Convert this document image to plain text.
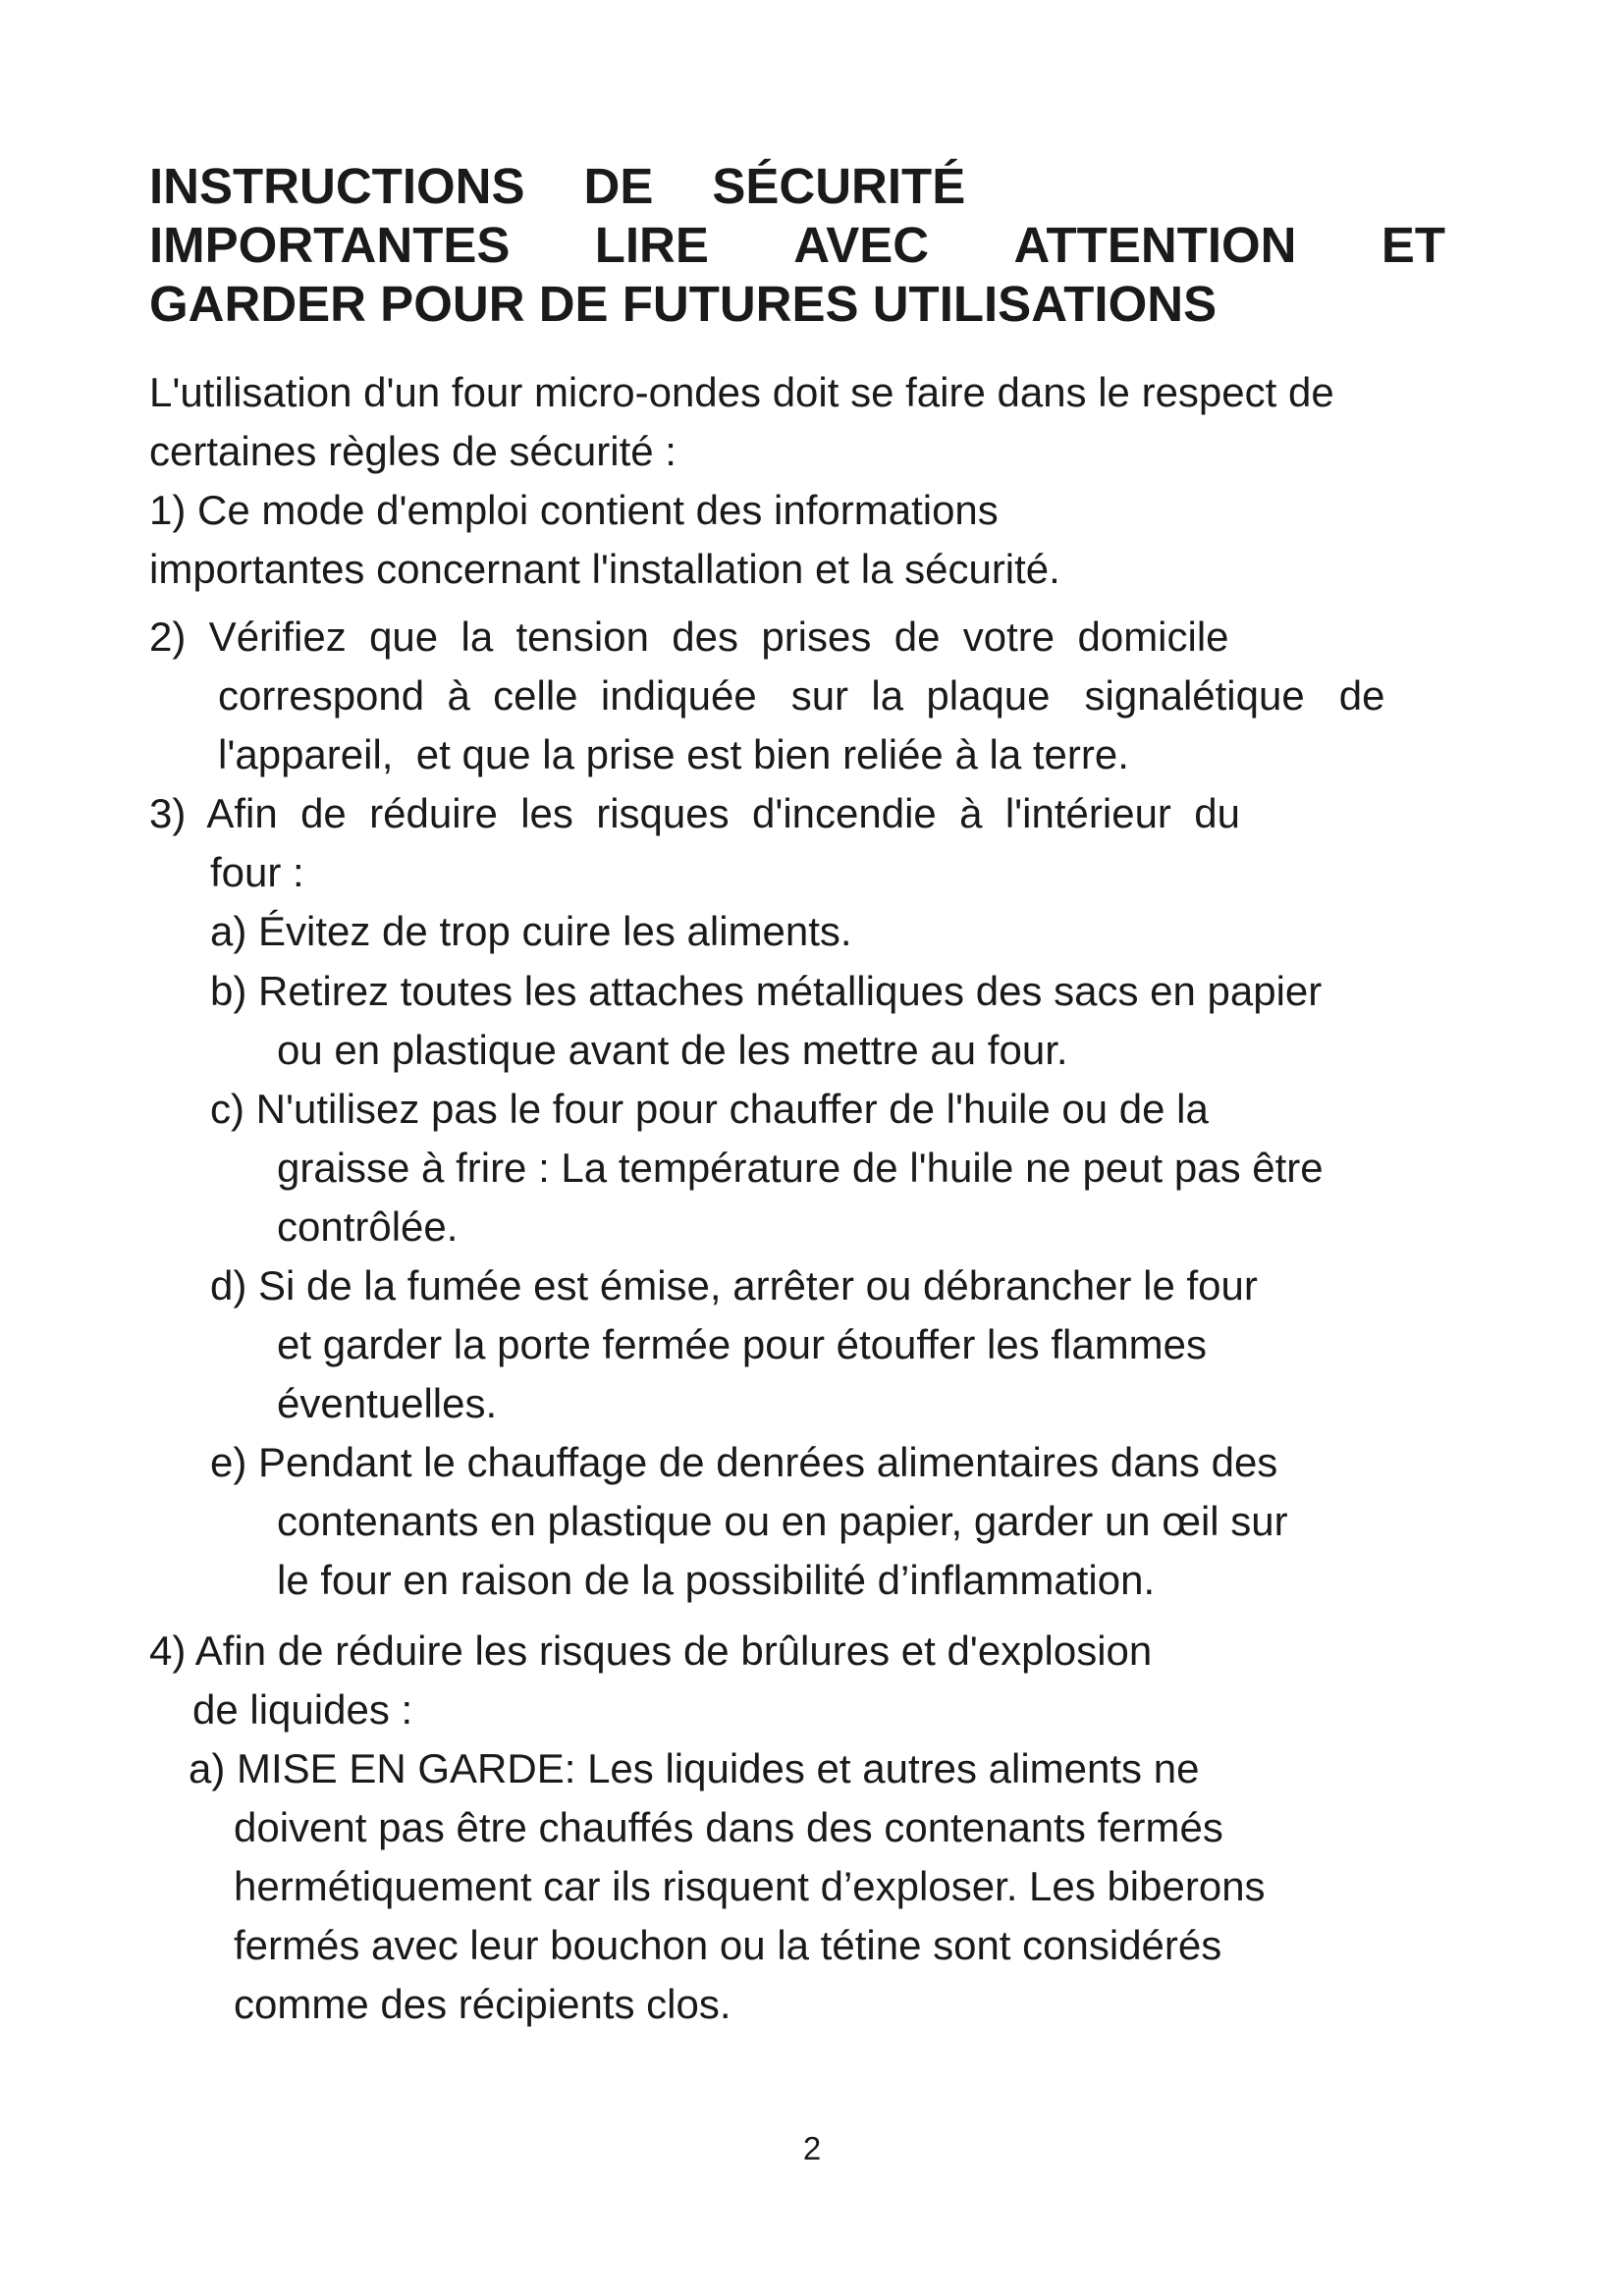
INSTRUCTIONS DE SÉCURITÉ
IMPORTANTES LIRE AVEC ATTENTION ET
GARDER POUR DE FUTURES UTILISATIONS
L'utilisation d'un four micro-ondes doit se faire dans le respect de
certaines règles de sécurité :
1) Ce mode d'emploi contient des informations
importantes concernant l'installation et la sécurité.
2)  Vérifiez  que  la  tension  des  prises  de  votre  domicile
correspond  à  celle  indiquée   sur  la  plaque   signalétique   de
l'appareil,  et que la prise est bien reliée à la terre.
3)  Afin  de  réduire  les  risques  d'incendie  à  l'intérieur  du
four :
a) Évitez de trop cuire les aliments.
b) Retirez toutes les attaches métalliques des sacs en papier
ou en plastique avant de les mettre au four.
c) N'utilisez pas le four pour chauffer de l'huile ou de la
graisse à frire : La température de l'huile ne peut pas être
contrôlée.
d) Si de la fumée est émise, arrêter ou débrancher le four
et garder la porte fermée pour étouffer les flammes
éventuelles.
e) Pendant le chauffage de denrées alimentaires dans des
contenants en plastique ou en papier, garder un œil sur
le four en raison de la possibilité d’inflammation.
4) Afin de réduire les risques de brûlures et d'explosion
de liquides :
a) MISE EN GARDE: Les liquides et autres aliments ne
doivent pas être chauffés dans des contenants fermés
hermétiquement car ils risquent d’exploser. Les biberons
fermés avec leur bouchon ou la tétine sont considérés
comme des récipients clos.
2
